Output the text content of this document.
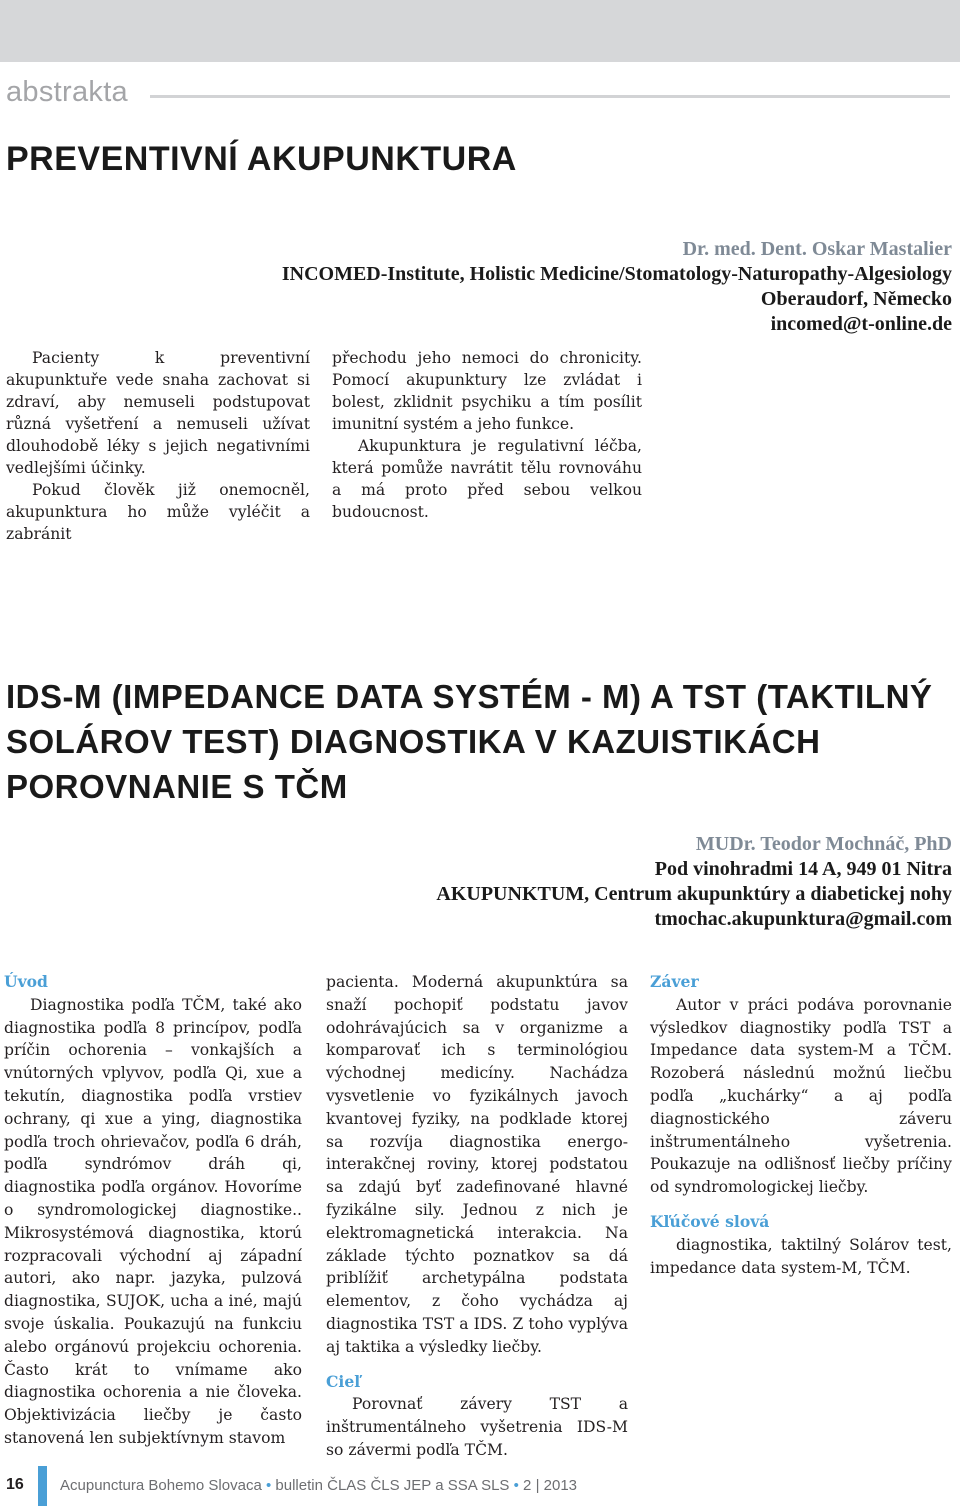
abstrakta
PREVENTIVNÍ AKUPUNKTURA
Dr. med. Dent. Oskar Mastalier
INCOMED-Institute, Holistic Medicine/Stomatology-Naturopathy-Algesiology
Oberaudorf, Německo
incomed@t-online.de

Pacienty k preventivní akupunktuře vede snaha zachovat si zdraví, aby nemuseli podstupovat různá vyšetření a nemuseli užívat dlouhodobě léky s jejich negativními vedlejšími účinky.

Pokud člověk již onemocněl, akupunktura ho může vyléčit a zabránit

přechodu jeho nemoci do chronicity. Pomocí akupunktury lze zvládat i bolest, zklidnit psychiku a tím posílit imunitní systém a jeho funkce.

Akupunktura je regulativní léčba, která pomůže navrátit tělu rovnováhu a má proto před sebou velkou budoucnost.

IDS-M (IMPEDANCE DATA SYSTÉM - M) A TST (TAKTILNÝ SOLÁROV TEST) DIAGNOSTIKA V KAZUISTIKÁCH POROVNANIE S TČM
MUDr. Teodor Mochnáč, PhD
Pod vinohradmi 14 A, 949 01 Nitra
AKUPUNKTUM, Centrum akupunktúry a diabetickej nohy
tmochac.akupunktura@gmail.com

Úvod

Diagnostika podľa TČM, také ako diagnostika podľa 8 princípov, podľa príčin ochorenia – vonkajších a vnútorných vplyvov, podľa Qi, xue a tekutín, diagnostika podľa vrstiev ochrany, qi xue a ying, diagnostika podľa troch ohrievačov, podľa 6 dráh, podľa syndrómov dráh qi, diagnostika podľa orgánov. Hovoríme o syndromologickej diagnostike.. Mikrosystémová diagnostika, ktorú rozpracovali východní aj západní autori, ako napr. jazyka, pulzová diagnostika, SUJOK, ucha a iné, majú svoje úskalia. Poukazujú na funkciu alebo orgánovú projekciu ochorenia. Často krát to vnímame ako diagnostika ochorenia a nie človeka. Objektivizácia liečby je často stanovená len subjektívnym stavom

pacienta. Moderná akupunktúra sa snaží pochopiť podstatu javov odohrávajúcich sa v organizme a komparovať ich s terminológiou východnej medicíny. Nachádza vysvetlenie vo fyzikálnych javoch kvantovej fyziky, na podklade ktorej sa rozvíja diagnostika energo-interakčnej roviny, ktorej podstatou sa zdajú byť zadefinované hlavné fyzikálne sily. Jednou z nich je elektromagnetická interakcia. Na základe týchto poznatkov sa dá priblížiť archetypálna podstata elementov, z čoho vychádza aj diagnostika TST a IDS. Z toho vyplýva aj taktika a výsledky liečby.

Cieľ

Porovnať závery TST a inštrumentálneho vyšetrenia IDS-M so závermi podľa TČM.

Záver

Autor v práci podáva porovnanie výsledkov diagnostiky podľa TST a Impedance data system-M a TČM. Rozoberá následnú možnú liečbu podľa „kuchárky“ a aj podľa diagnostického záveru inštrumentálneho vyšetrenia. Poukazuje na odlišnosť liečby príčiny od syndromologickej liečby.

Kľúčové slová

diagnostika, taktilný Solárov test, impedance data system-M, TČM.

16 Acupunctura Bohemo Slovaca • bulletin ČLAS ČLS JEP a SSA SLS • 2 | 2013
